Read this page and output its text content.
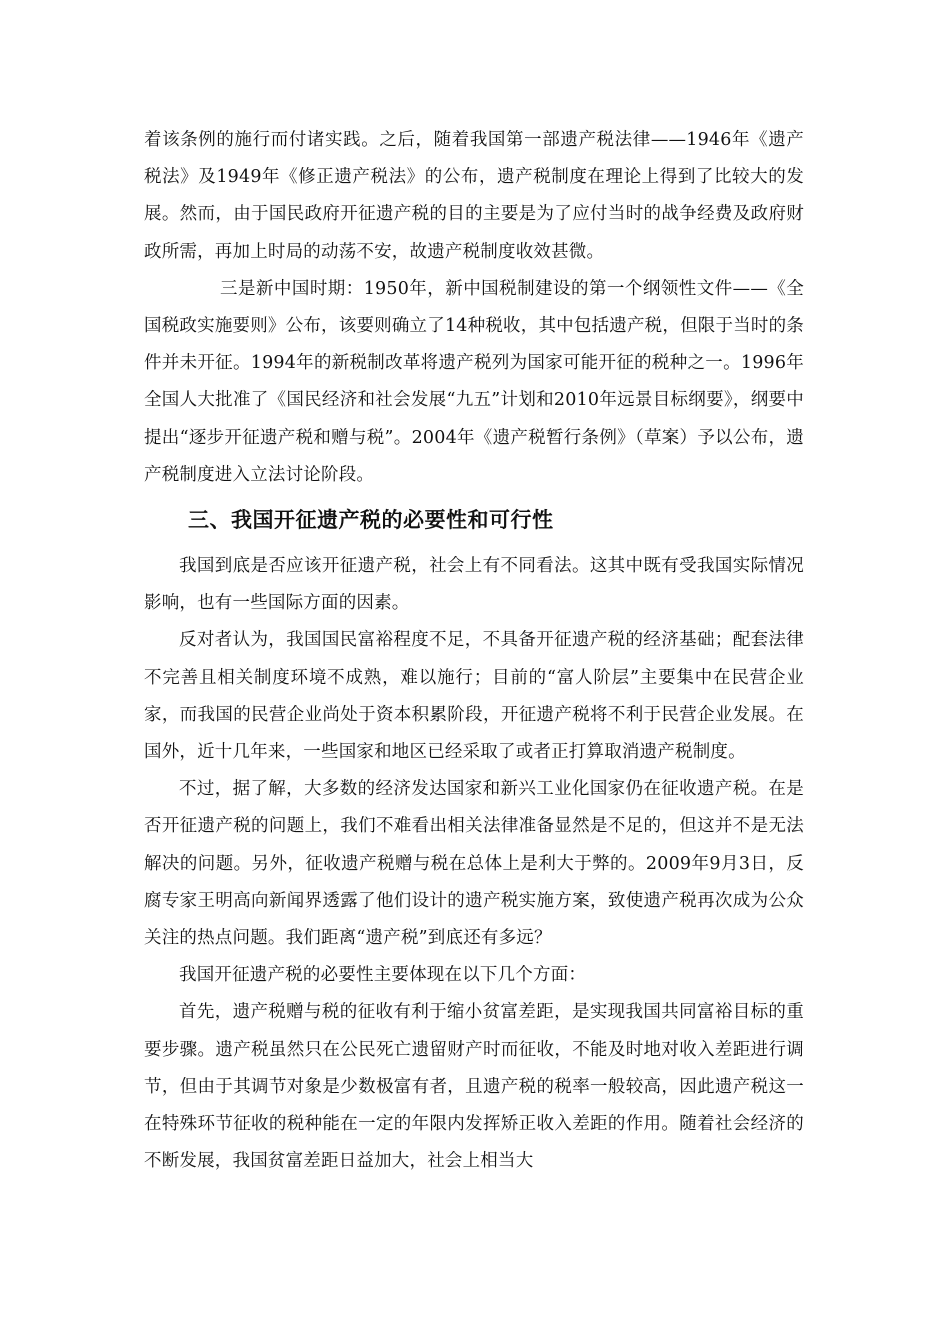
着该条例的施行而付诸实践。之后，随着我国第一部遗产税法律——1946年《遗产税法》及1949年《修正遗产税法》的公布，遗产税制度在理论上得到了比较大的发展。然而，由于国民政府开征遗产税的目的主要是为了应付当时的战争经费及政府财政所需，再加上时局的动荡不安，故遗产税制度收效甚微。

三是新中国时期：1950年，新中国税制建设的第一个纲领性文件——《全国税政实施要则》公布，该要则确立了14种税收，其中包括遗产税，但限于当时的条件并未开征。1994年的新税制改革将遗产税列为国家可能开征的税种之一。1996年全国人大批准了《国民经济和社会发展“九五”计划和2010年远景目标纲要》，纲要中提出“逐步开征遗产税和赠与税”。2004年《遗产税暂行条例》（草案）予以公布，遗产税制度进入立法讨论阶段。

三、我国开征遗产税的必要性和可行性

我国到底是否应该开征遗产税，社会上有不同看法。这其中既有受我国实际情况影响，也有一些国际方面的因素。

反对者认为，我国国民富裕程度不足，不具备开征遗产税的经济基础；配套法律不完善且相关制度环境不成熟，难以施行；目前的“富人阶层”主要集中在民营企业家，而我国的民营企业尚处于资本积累阶段，开征遗产税将不利于民营企业发展。在国外，近十几年来，一些国家和地区已经采取了或者正打算取消遗产税制度。

不过，据了解，大多数的经济发达国家和新兴工业化国家仍在征收遗产税。在是否开征遗产税的问题上，我们不难看出相关法律准备显然是不足的，但这并不是无法解决的问题。另外，征收遗产税赠与税在总体上是利大于弊的。2009年9月3日，反腐专家王明高向新闻界透露了他们设计的遗产税实施方案，致使遗产税再次成为公众关注的热点问题。我们距离“遗产税”到底还有多远？

我国开征遗产税的必要性主要体现在以下几个方面：

首先，遗产税赠与税的征收有利于缩小贫富差距，是实现我国共同富裕目标的重要步骤。遗产税虽然只在公民死亡遗留财产时而征收，不能及时地对收入差距进行调节，但由于其调节对象是少数极富有者，且遗产税的税率一般较高，因此遗产税这一在特殊环节征收的税种能在一定的年限内发挥矫正收入差距的作用。随着社会经济的不断发展，我国贫富差距日益加大，社会上相当大
